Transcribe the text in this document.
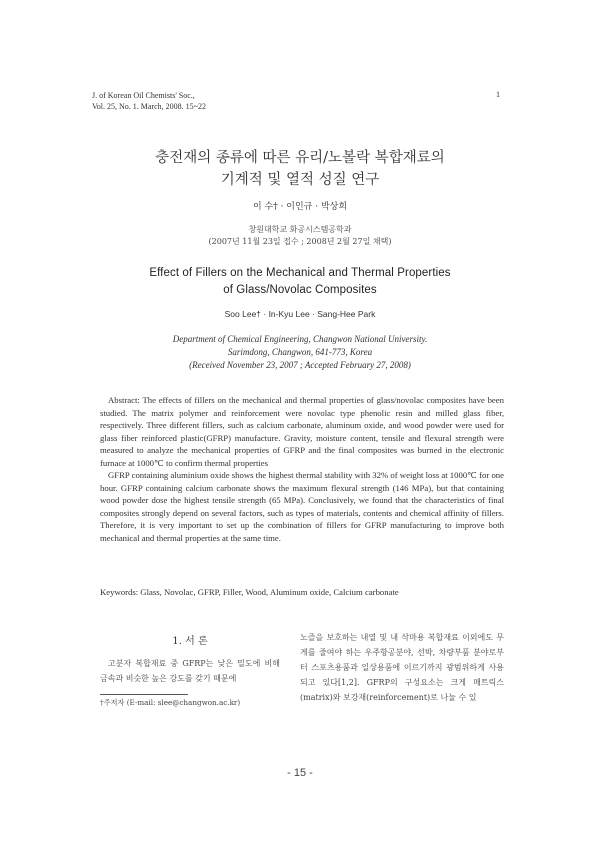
J. of Korean Oil Chemists' Soc.,
Vol. 25, No. 1. March, 2008. 15~22
1
충전재의 종류에 따른 유리/노볼락 복합재료의
기계적 및 열적 성질 연구
이 수† · 이인규 · 박상희
창원대학교 화공시스템공학과
(2007년 11월 23일 접수 ; 2008년 2월 27일 채택)
Effect of Fillers on the Mechanical and Thermal Properties
of Glass/Novolac Composites
Soo Lee† · In-Kyu Lee · Sang-Hee Park
Department of Chemical Engineering, Changwon National University.
Sarimdong, Changwon, 641-773, Korea
(Received November 23, 2007 ; Accepted February 27, 2008)

Abstract: The effects of fillers on the mechanical and thermal properties of glass/novolac composites have been studied. The matrix polymer and reinforcement were novolac type phenolic resin and milled glass fiber, respectively. Three different fillers, such as calcium carbonate, aluminum oxide, and wood powder were used for glass fiber reinforced plastic(GFRP) manufacture. Gravity, moisture content, tensile and flexural strength were measured to analyze the mechanical properties of GFRP and the final composites was burned in the electronic furnace at 1000℃ to confirm thermal properties

GFRP containing aluminium oxide shows the highest thermal stability with 32% of weight loss at 1000℃ for one hour. GFRP containing calcium carbonate shows the maximum flexural strength (146 MPa), but that containing wood powder dose the highest tensile strength (65 MPa). Conclusively, we found that the characteristics of final composites strongly depend on several factors, such as types of materials, contents and chemical affinity of fillers. Therefore, it is very important to set up the combination of fillers for GFRP manufacturing to improve both mechanical and thermal properties at the same time.

Keywords: Glass, Novolac, GFRP, Filler, Wood, Aluminum oxide, Calcium carbonate
1. 서 론

고분자 복합재료 중 GFRP는 낮은 밀도에 비해 금속과 비슷한 높은 강도를 갖기 때문에

†주저자 (E-mail: slee@changwon.ac.kr)

노즐을 보호하는 내열 및 내 삭마용 복합재료 이외에도 무게를 줄여야 하는 우주항공분야, 선박, 차량부품 분야로부터 스포츠용품과 일상용품에 이르기까지 광범위하게 사용되고 있다[1,2]. GFRP의 구성요소는 크게 매트릭스(matrix)와 보강재(reinforcement)로 나눌 수 있

- 15 -
